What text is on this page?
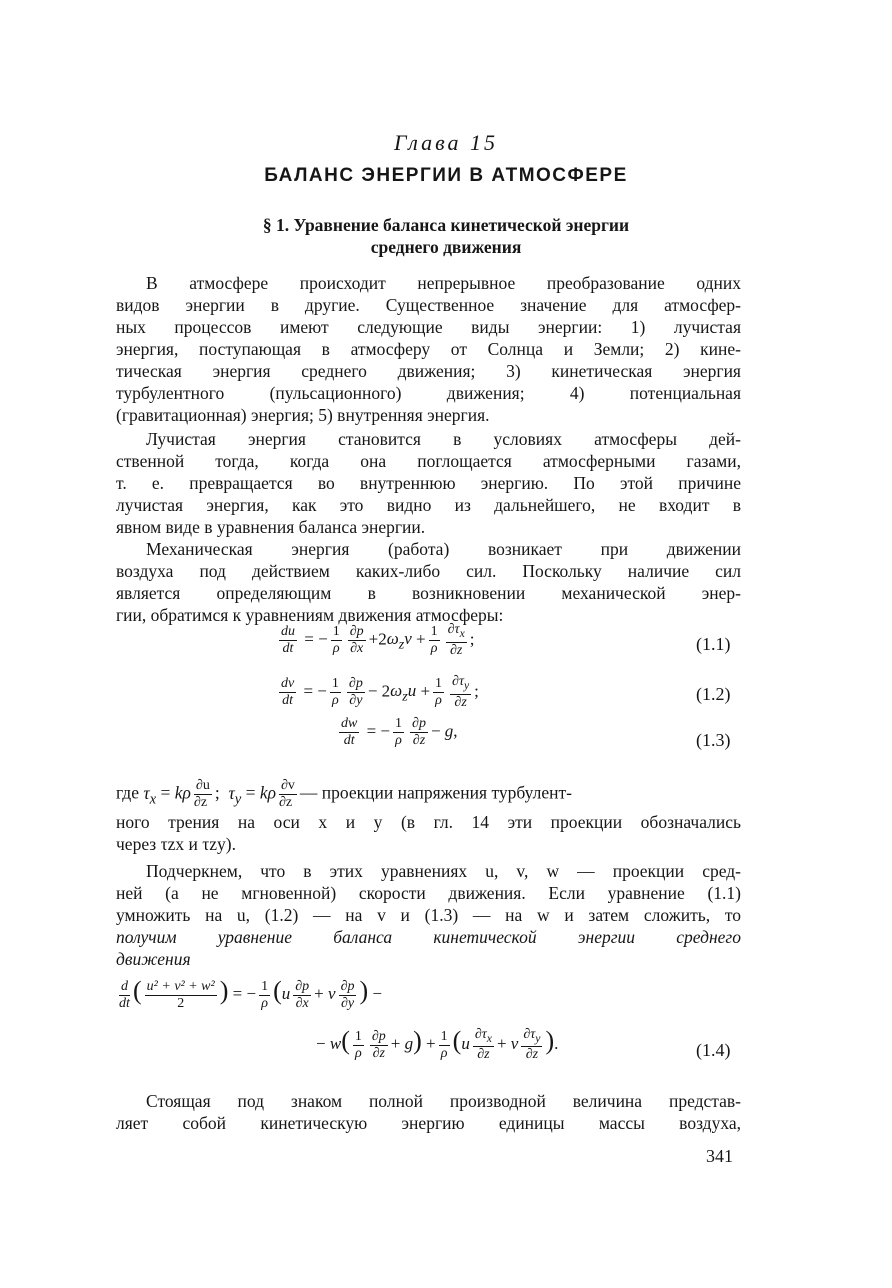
Глава 15
БАЛАНС ЭНЕРГИИ В АТМОСФЕРЕ
§ 1. Уравнение баланса кинетической энергии
среднего движения
В атмосфере происходит непрерывное преобразование одних
видов энергии в другие. Существенное значение для атмосфер-
ных процессов имеют следующие виды энергии: 1) лучистая
энергия, поступающая в атмосферу от Солнца и Земли; 2) кине-
тическая энергия среднего движения; 3) кинетическая энергия
турбулентного (пульсационного) движения; 4) потенциальная
(гравитационная) энергия; 5) внутренняя энергия.
Лучистая энергия становится в условиях атмосферы дей-
ственной тогда, когда она поглощается атмосферными газами,
т. е. превращается во внутреннюю энергию. По этой причине
лучистая энергия, как это видно из дальнейшего, не входит в
явном виде в уравнения баланса энергии.
Механическая энергия (работа) возникает при движении
воздуха под действием каких-либо сил. Поскольку наличие сил
является определяющим в возникновении механической энер-
гии, обратимся к уравнениям движения атмосферы:
$\frac{du}{dt}$ = − $\frac{1}{\rho} \frac{\partial p}{\partial x} +2\omega_zv + \frac{1}{\rho} \frac{\partial\tau_x}{\partial z}$ ;	(1.1)
$\frac{dv}{dt}$ = − $\frac{1}{\rho} \frac{\partial p}{\partial y} - 2\omega_zu + \frac{1}{\rho} \frac{\partial\tau_y}{\partial z}$ ;	(1.2)
$\frac{dw}{dt}$ = − $\frac{1}{\rho} \frac{\partial p}{\partial z} - g$,	(1.3)
где $\tau_x = k\rho \frac{\partial u}{\partial z}$ ;  $\tau_y = k\rho \frac{\partial v}{\partial z}$ — проекции напряжения турбулент-
ного трения на оси x и y (в гл. 14 эти проекции обозначались
через τzx и τzy).
Подчеркнем, что в этих уравнениях u, v, w — проекции сред-
ней (а не мгновенной) скорости движения. Если уравнение (1.1)
умножить на u, (1.2) — на v и (1.3) — на w и затем сложить, то
получим уравнение баланса кинетической энергии среднего
движения
$\frac{d}{dt}$ ( $\frac{\text{u² + v² + w²}}{2}$ ) = − $\frac{1}{\rho} (u \frac{\partial p}{\partial x} + v \frac{\partial p}{\partial y}$ ) −
− $w( \frac{1}{\rho} \frac{\partial p}{\partial z} + g) + \frac{1}{\rho} (u \frac{\partial\tau_x}{\partial z} + v \frac{\partial\tau_y}{\partial z}$ ).	(1.4)
Стоящая под знаком полной производной величина представ-
ляет собой кинетическую энергию единицы массы воздуха,
341
